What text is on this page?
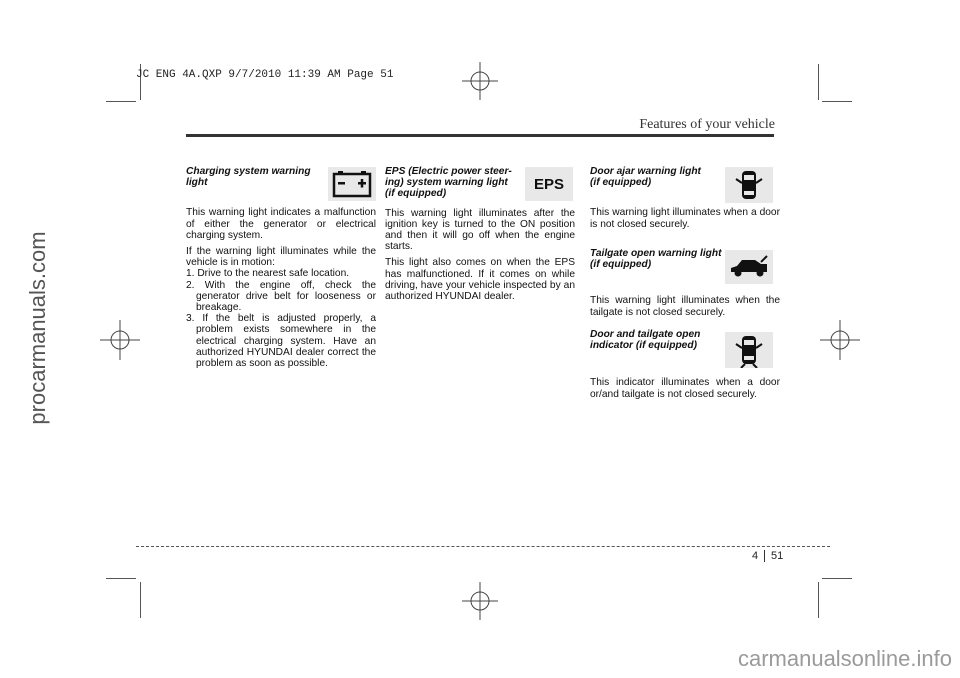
JC ENG 4A.QXP 9/7/2010 11:39 AM Page 51
procarmanuals.com
Features of your vehicle
Charging system warning
light

This warning light indicates a malfunction of either the generator or electrical charging system.

If the warning light illuminates while the vehicle is in motion:

1. Drive to the nearest safe location.
2. With the engine off, check the generator drive belt for looseness or breakage.
3. If the belt is adjusted properly, a problem exists somewhere in the electrical charging system. Have an authorized HYUNDAI dealer correct the problem as soon as possible.
EPS (Electric power steer-
ing) system warning light
(if equipped)

This warning light illuminates after the ignition key is turned to the ON position and then it will go off when the engine starts.

This light also comes on when the EPS has malfunctioned. If it comes on while driving, have your vehicle inspected by an authorized HYUNDAI dealer.

EPS
Door ajar warning light
(if equipped)

This warning light illuminates when a door is not closed securely.

Tailgate open warning light
(if equipped)

This warning light illuminates when the tailgate is not closed securely.

Door and tailgate open
indicator (if equipped)

This indicator illuminates when a door or/and tailgate is not closed securely.

4 51
carmanualsonline.info
